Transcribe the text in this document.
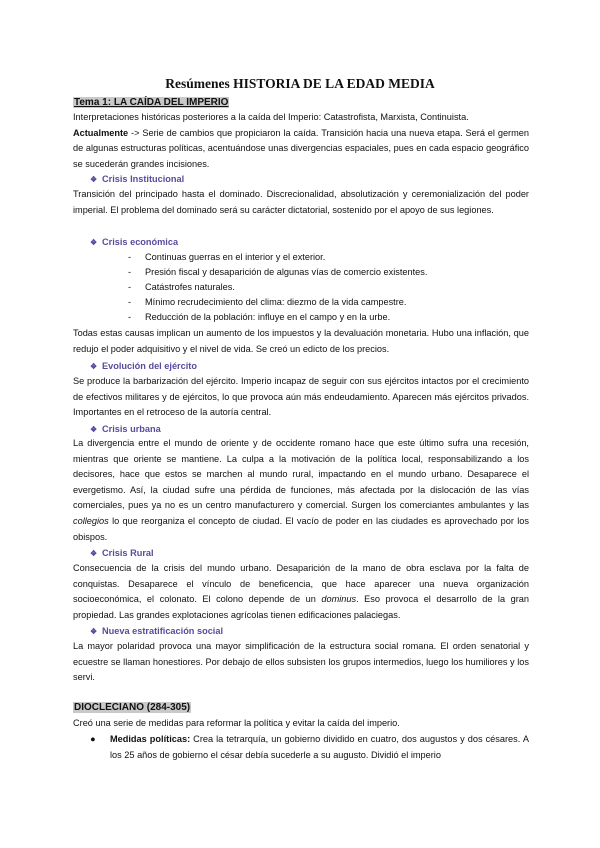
Resúmenes HISTORIA DE LA EDAD MEDIA
Tema 1: LA CAÍDA DEL IMPERIO

Interpretaciones históricas posteriores a la caída del Imperio: Catastrofista, Marxista, Continuista.

Actualmente -> Serie de cambios que propiciaron la caída. Transición hacia una nueva etapa. Será el germen de algunas estructuras políticas, acentuándose unas divergencias espaciales, pues en cada espacio geográfico se sucederán grandes incisiones.

❖ Crisis Institucional
Transición del principado hasta el dominado. Discrecionalidad, absolutización y ceremonialización del poder imperial. El problema del dominado será su carácter dictatorial, sostenido por el apoyo de sus legiones.
❖ Crisis económica
- Continuas guerras en el interior y el exterior.
- Presión fiscal y desaparición de algunas vías de comercio existentes.
- Catástrofes naturales.
- Mínimo recrudecimiento del clima: diezmo de la vida campestre.
- Reducción de la población: influye en el campo y en la urbe.
Todas estas causas implican un aumento de los impuestos y la devaluación monetaria. Hubo una inflación, que redujo el poder adquisitivo y el nivel de vida. Se creó un edicto de los precios.
❖ Evolución del ejército
Se produce la barbarización del ejército. Imperio incapaz de seguir con sus ejércitos intactos por el crecimiento de efectivos militares y de ejércitos, lo que provoca aún más endeudamiento. Aparecen más ejércitos privados. Importantes en el retroceso de la autoría central.
❖ Crisis urbana
La divergencia entre el mundo de oriente y de occidente romano hace que este último sufra una recesión, mientras que oriente se mantiene. La culpa a la motivación de la política local, responsabilizando a los decisores, hace que estos se marchen al mundo rural, impactando en el mundo urbano. Desaparece el evergetismo. Así, la ciudad sufre una pérdida de funciones, más afectada por la dislocación de las vías comerciales, pues ya no es un centro manufacturero y comercial. Surgen los comerciantes ambulantes y las collegios lo que reorganiza el concepto de ciudad. El vacío de poder en las ciudades es aprovechado por los obispos.
❖ Crisis Rural
Consecuencia de la crisis del mundo urbano. Desaparición de la mano de obra esclava por la falta de conquistas. Desaparece el vínculo de beneficencia, que hace aparecer una nueva organización socioeconómica, el colonato. El colono depende de un dominus. Eso provoca el desarrollo de la gran propiedad. Las grandes explotaciones agrícolas tienen edificaciones palaciegas.
❖ Nueva estratificación social
La mayor polaridad provoca una mayor simplificación de la estructura social romana. El orden senatorial y ecuestre se llaman honestiores. Por debajo de ellos subsisten los grupos intermedios, luego los humiliores y los servi.
DIOCLECIANO (284-305)
Creó una serie de medidas para reformar la política y evitar la caída del imperio.
● Medidas políticas: Crea la tetrarquía, un gobierno dividido en cuatro, dos augustos y dos césares. A los 25 años de gobierno el césar debía sucederle a su augusto. Dividió el imperio
